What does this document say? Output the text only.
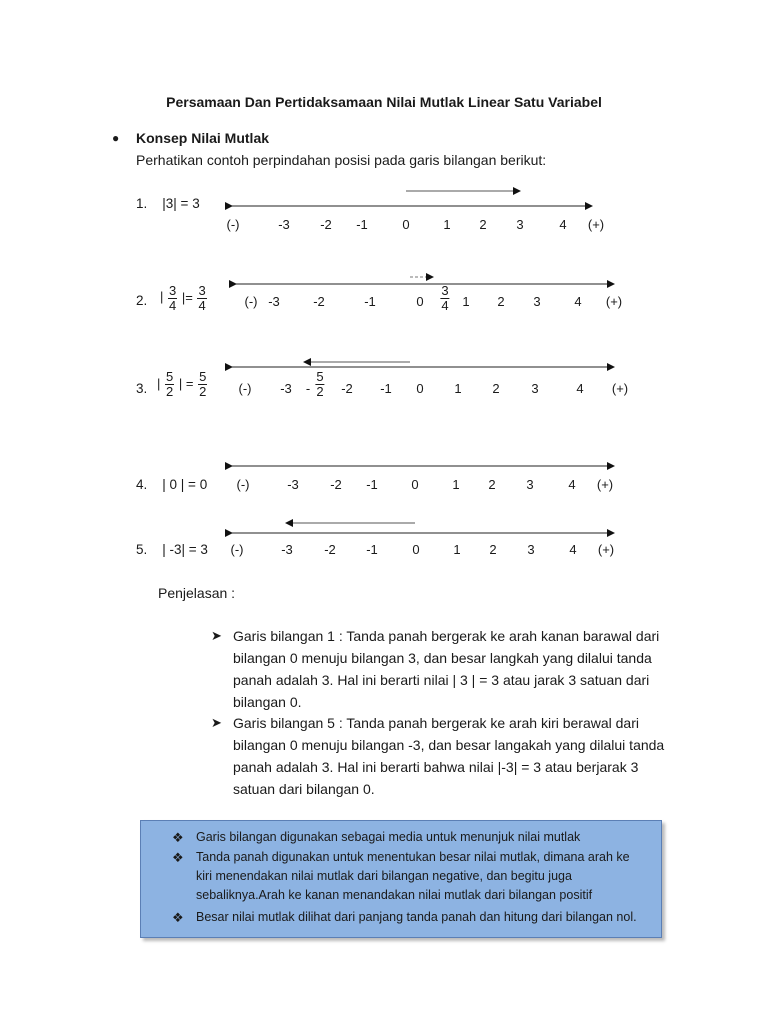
Persamaan Dan Pertidaksamaan Nilai Mutlak Linear Satu Variabel
● Konsep Nilai Mutlak
Perhatikan contoh perpindahan posisi pada garis bilangan berikut:
1. |3| = 3
2. | $\frac{3}{4}$ |= $\frac{3}{4}$
3. | $\frac{5}{2}$ | = $\frac{5}{2}$
4. | 0 | = 0
5. | -3| = 3
(-)	-3 -2 -1	0	1 2 3	4 (+)
(-) -3	-2	-1	$0 \frac{3}{4} 1$ 2 3	4 (+)
(-) $-3 - \frac{5}{2} -2$ -1 0 1 2 3	4 (+)
(-)	-3 -2 -1	0	1 2 3	4 (+)
(-)	-3 -2 -1	0	1 2 3	4 (+)
Penjelasan :
➤ Garis bilangan 1 : Tanda panah bergerak ke arah kanan barawal dari
bilangan 0 menuju bilangan 3, dan besar langkah yang dilalui tanda
panah adalah 3. Hal ini berarti nilai | 3 | = 3 atau jarak 3 satuan dari
bilangan 0.
➤ Garis bilangan 5 : Tanda panah bergerak ke arah kiri berawal dari
bilangan 0 menuju bilangan -3, dan besar langakah yang dilalui tanda
panah adalah 3. Hal ini berarti bahwa nilai |-3| = 3 atau berjarak 3
satuan dari bilangan 0.
❖ Garis bilangan digunakan sebagai media untuk menunjuk nilai mutlak
❖ Tanda panah digunakan untuk menentukan besar nilai mutlak, dimana arah ke
kiri menendakan nilai mutlak dari bilangan negative, dan begitu juga
sebaliknya.Arah ke kanan menandakan nilai mutlak dari bilangan positif
❖ Besar nilai mutlak dilihat dari panjang tanda panah dan hitung dari bilangan nol.
